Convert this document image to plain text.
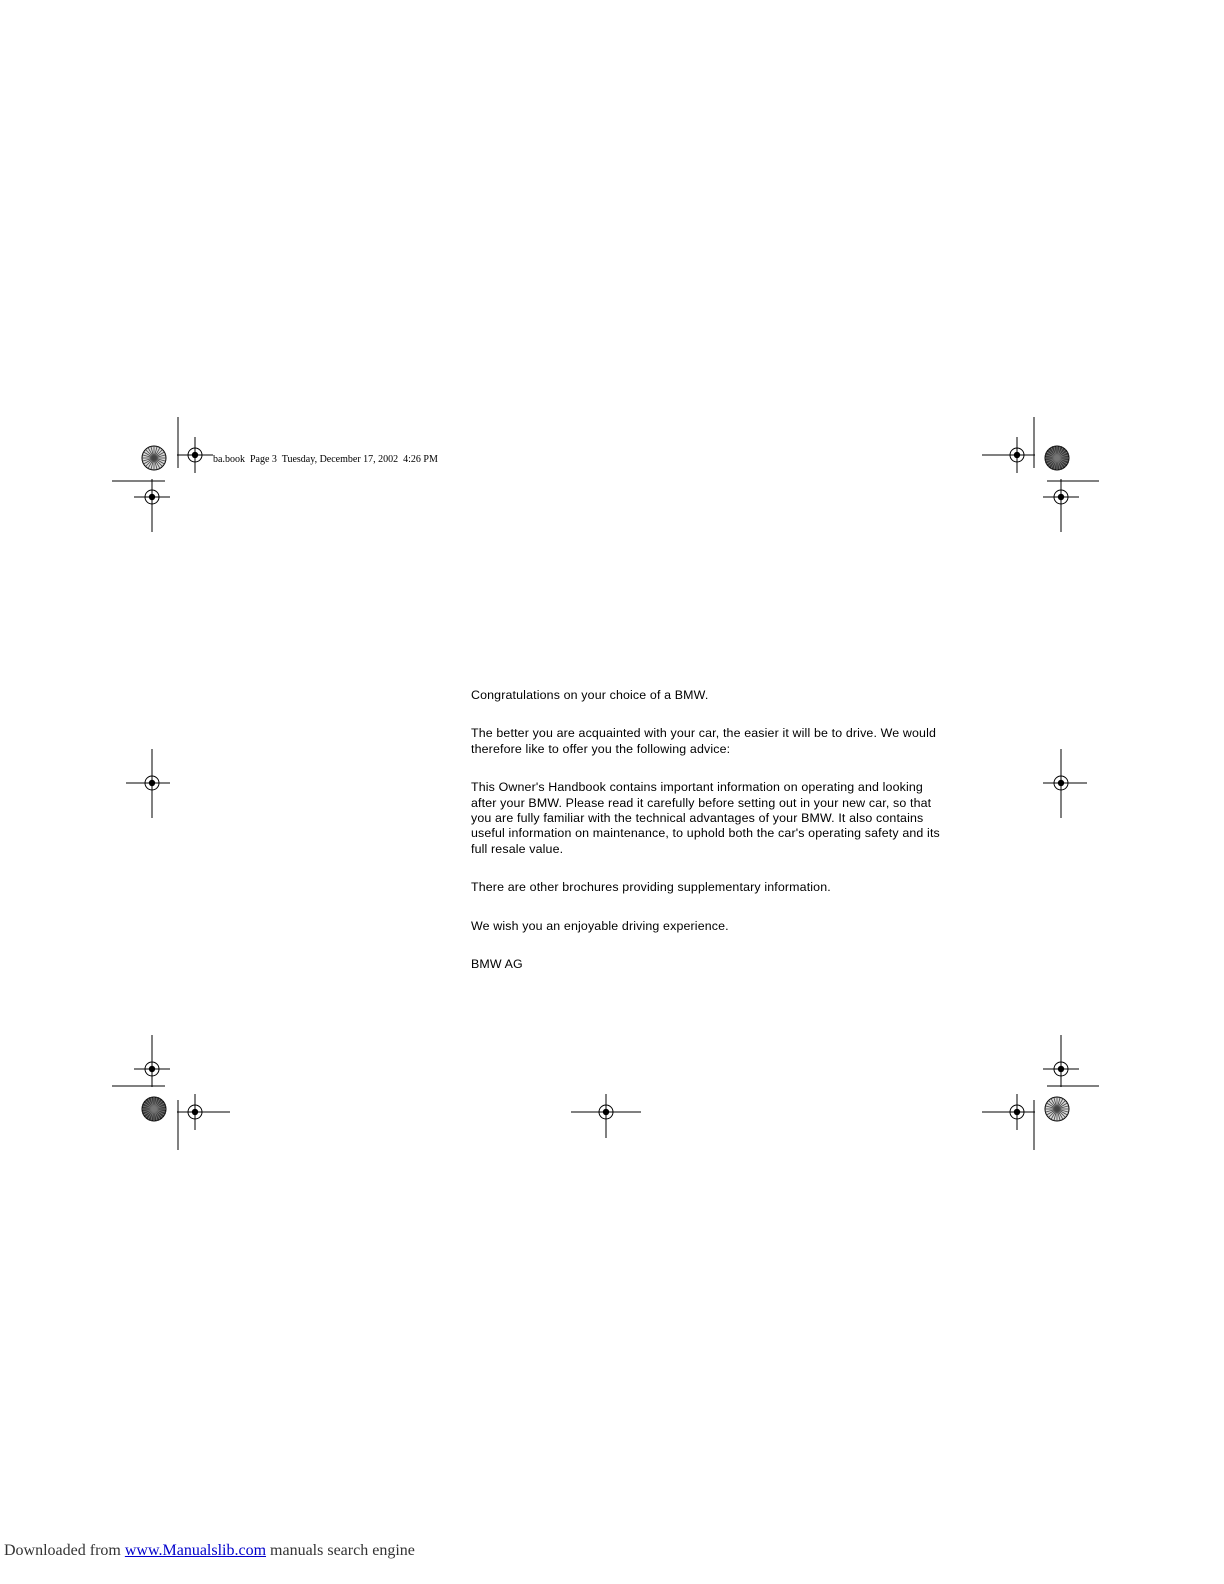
ba.book  Page 3  Tuesday, December 17, 2002  4:26 PM

Congratulations on your choice of a BMW.

The better you are acquainted with your car, the easier it will be to drive. We would
therefore like to offer you the following advice:

This Owner's Handbook contains important information on operating and looking
after your BMW. Please read it carefully before setting out in your new car, so that
you are fully familiar with the technical advantages of your BMW. It also contains
useful information on maintenance, to uphold both the car's operating safety and its
full resale value.

There are other brochures providing supplementary information.

We wish you an enjoyable driving experience.

BMW AG

Downloaded from www.Manualslib.com manuals search engine
